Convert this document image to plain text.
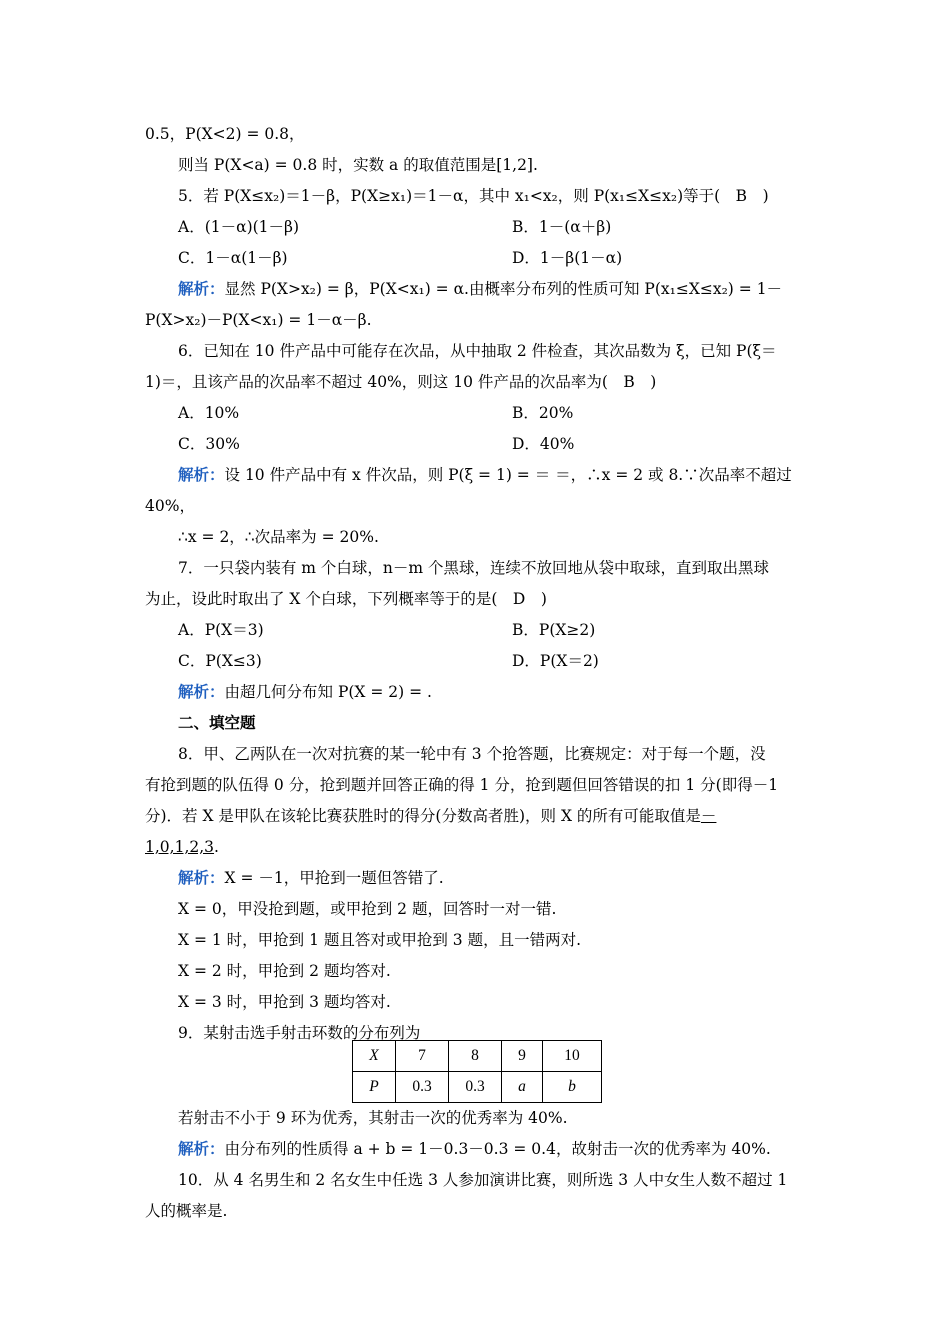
0.5，P(X<2) = 0.8，
则当 P(X<a) = 0.8 时，实数 a 的取值范围是[1,2].
5．若 P(X≤x₂)＝1－β，P(X≥x₁)＝1－α，其中 x₁<x₂，则 P(x₁≤X≤x₂)等于(　B　)
A．(1－α)(1－β)	B．1－(α＋β)
C．1－α(1－β)	D．1－β(1－α)
解析：显然 P(X>x₂) = β，P(X<x₁) = α.由概率分布列的性质可知 P(x₁≤X≤x₂) = 1－
P(X>x₂)－P(X<x₁) = 1－α－β.
6．已知在 10 件产品中可能存在次品，从中抽取 2 件检查，其次品数为 ξ，已知 P(ξ＝
1)＝，且该产品的次品率不超过 40%，则这 10 件产品的次品率为(　B　)
A．10%	B．20%
C．30%	D．40%
解析：设 10 件产品中有 x 件次品，则 P(ξ = 1) = ＝ ＝，∴x = 2 或 8.∵次品率不超过
40%，
∴x = 2，∴次品率为 = 20%.
7．一只袋内装有 m 个白球，n－m 个黑球，连续不放回地从袋中取球，直到取出黑球
为止，设此时取出了 X 个白球，下列概率等于的是(　D　)
A．P(X＝3)	B．P(X≥2)
C．P(X≤3)	D．P(X＝2)
解析：由超几何分布知 P(X = 2) = .
二、填空题
8．甲、乙两队在一次对抗赛的某一轮中有 3 个抢答题，比赛规定：对于每一个题，没
有抢到题的队伍得 0 分，抢到题并回答正确的得 1 分，抢到题但回答错误的扣 1 分(即得－1
分)．若 X 是甲队在该轮比赛获胜时的得分(分数高者胜)，则 X 的所有可能取值是－
1,0,1,2,3.
解析：X = －1，甲抢到一题但答错了.
X = 0，甲没抢到题，或甲抢到 2 题，回答时一对一错.
X = 1 时，甲抢到 1 题且答对或甲抢到 3 题，且一错两对.
X = 2 时，甲抢到 2 题均答对.
X = 3 时，甲抢到 3 题均答对.
9．某射击选手射击环数的分布列为
X	7	8	9	10
P	0.3	0.3	a	b
若射击不小于 9 环为优秀，其射击一次的优秀率为 40%.
解析：由分布列的性质得 a + b = 1－0.3－0.3 = 0.4，故射击一次的优秀率为 40%.
10．从 4 名男生和 2 名女生中任选 3 人参加演讲比赛，则所选 3 人中女生人数不超过 1
人的概率是.
